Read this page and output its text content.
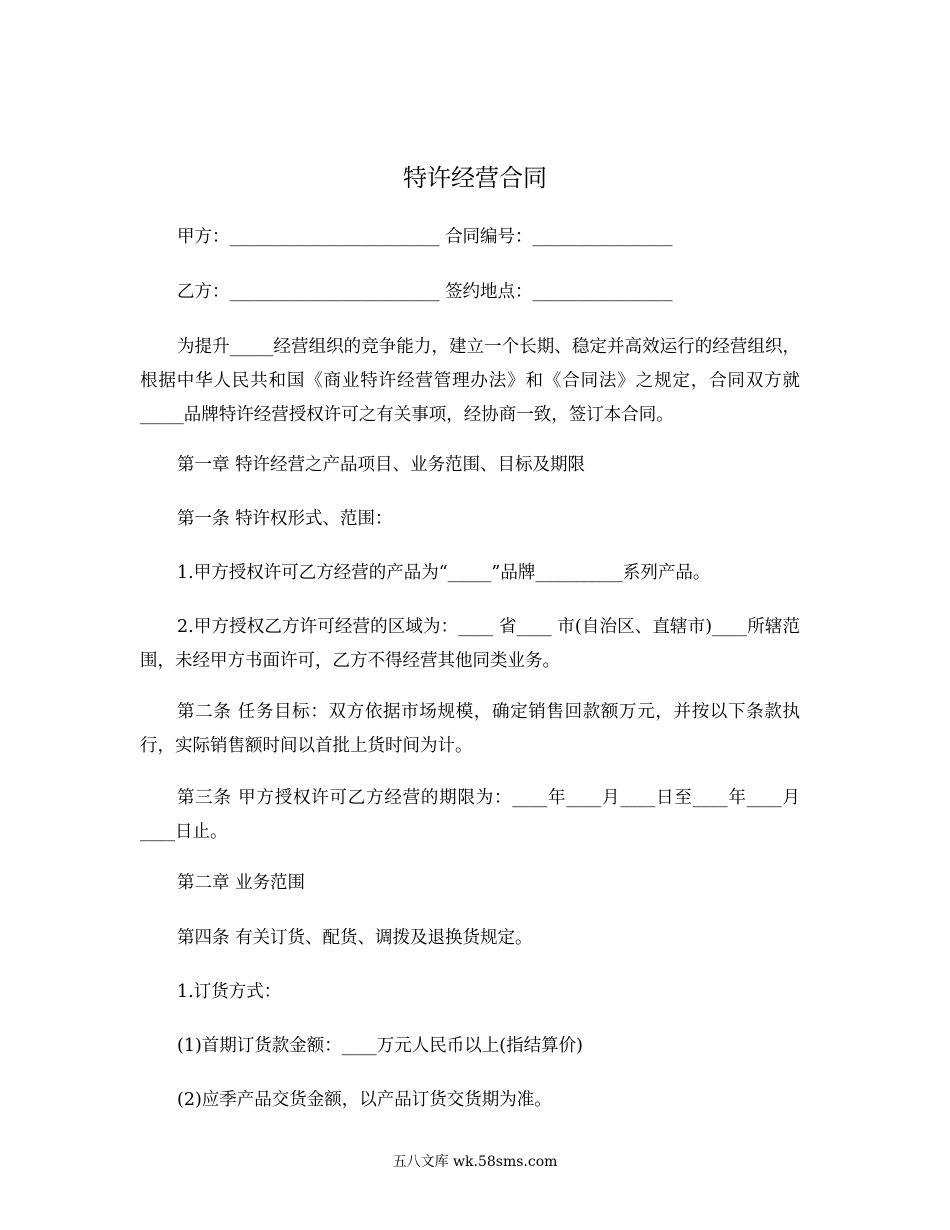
特许经营合同
甲方：________________________ 合同编号：________________
乙方：________________________ 签约地点：________________
为提升_____经营组织的竞争能力，建立一个长期、稳定并高效运行的经营组织，根据中华人民共和国《商业特许经营管理办法》和《合同法》之规定，合同双方就_____品牌特许经营授权许可之有关事项，经协商一致，签订本合同。
第一章 特许经营之产品项目、业务范围、目标及期限
第一条 特许权形式、范围：
1.甲方授权许可乙方经营的产品为“_____”品牌__________系列产品。
2.甲方授权乙方许可经营的区域为：____ 省____ 市(自治区、直辖市)____所辖范围，未经甲方书面许可，乙方不得经营其他同类业务。
第二条 任务目标：双方依据市场规模，确定销售回款额万元，并按以下条款执行，实际销售额时间以首批上货时间为计。
第三条 甲方授权许可乙方经营的期限为：____年____月____日至____年____月____日止。
第二章 业务范围
第四条 有关订货、配货、调拨及退换货规定。
1.订货方式：
(1)首期订货款金额：____万元人民币以上(指结算价)
(2)应季产品交货金额，以产品订货交货期为准。
五八文库 wk.58sms.com
